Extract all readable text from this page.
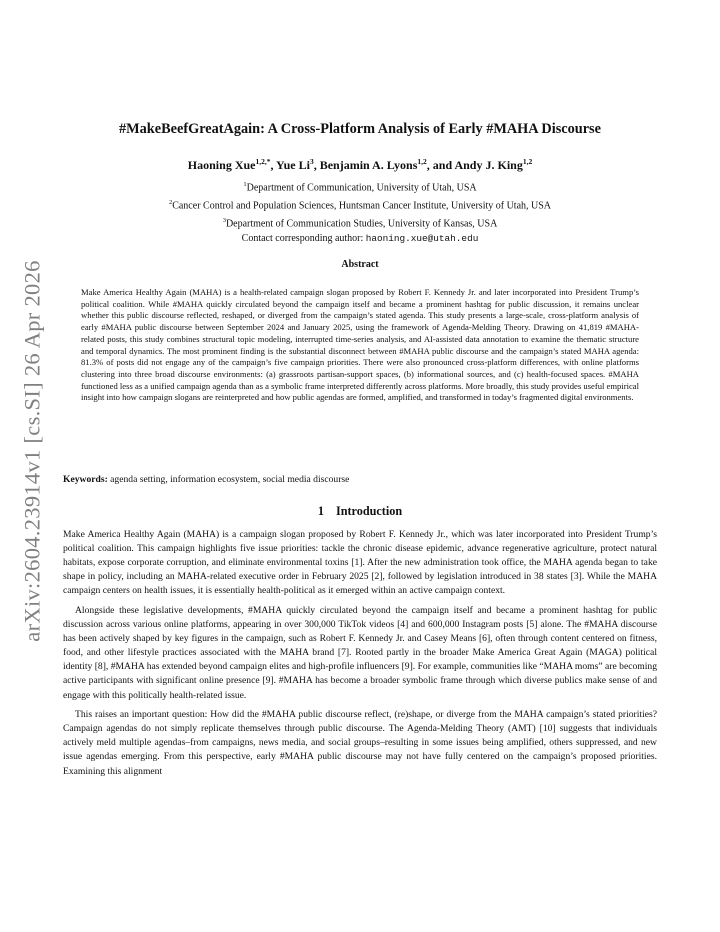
arXiv:2604.23914v1 [cs.SI] 26 Apr 2026
#MakeBeefGreatAgain: A Cross-Platform Analysis of Early #MAHA Discourse
Haoning Xue$^{1,2,*}$, Yue Li$^3$, Benjamin A. Lyons$^{1,2}$, and Andy J. King$^{1,2}$
$^1$Department of Communication, University of Utah, USA
$^2$Cancer Control and Population Sciences, Huntsman Cancer Institute, University of Utah, USA
$^3$Department of Communication Studies, University of Kansas, USA
Contact corresponding author: haoning.xue@utah.edu
Abstract

Make America Healthy Again (MAHA) is a health-related campaign slogan proposed by Robert F. Kennedy Jr. and later incorporated into President Trump’s political coalition. While #MAHA quickly circulated beyond the campaign itself and became a prominent hashtag for public discussion, it remains unclear whether this public discourse reflected, reshaped, or diverged from the campaign’s stated agenda. This study presents a large-scale, cross-platform analysis of early #MAHA public discourse between September 2024 and January 2025, using the framework of Agenda-Melding Theory. Drawing on 41,819 #MAHA-related posts, this study combines structural topic modeling, interrupted time-series analysis, and AI-assisted data annotation to examine the thematic structure and temporal dynamics. The most prominent finding is the substantial disconnect between #MAHA public discourse and the campaign’s stated MAHA agenda: 81.3% of posts did not engage any of the campaign’s five campaign priorities. There were also pronounced cross-platform differences, with online platforms clustering into three broad discourse environments: (a) grassroots partisan-support spaces, (b) informational sources, and (c) health-focused spaces. #MAHA functioned less as a unified campaign agenda than as a symbolic frame interpreted differently across platforms. More broadly, this study provides useful empirical insight into how campaign slogans are reinterpreted and how public agendas are formed, amplified, and transformed in today’s fragmented digital environments.

Keywords: agenda setting, information ecosystem, social media discourse
1 Introduction

Make America Healthy Again (MAHA) is a campaign slogan proposed by Robert F. Kennedy Jr., which was later incorporated into President Trump’s political coalition. This campaign highlights five issue priorities: tackle the chronic disease epidemic, advance regenerative agriculture, protect natural habitats, expose corporate corruption, and eliminate environmental toxins [1]. After the new administration took office, the MAHA agenda began to take shape in policy, including an MAHA-related executive order in February 2025 [2], followed by legislation introduced in 38 states [3]. While the MAHA campaign centers on health issues, it is essentially health-political as it emerged within an active campaign context.

Alongside these legislative developments, #MAHA quickly circulated beyond the campaign itself and became a prominent hashtag for public discussion across various online platforms, appearing in over 300,000 TikTok videos [4] and 600,000 Instagram posts [5] alone. The #MAHA discourse has been actively shaped by key figures in the campaign, such as Robert F. Kennedy Jr. and Casey Means [6], often through content centered on fitness, food, and other lifestyle practices associated with the MAHA brand [7]. Rooted partly in the broader Make America Great Again (MAGA) political identity [8], #MAHA has extended beyond campaign elites and high-profile influencers [9]. For example, communities like “MAHA moms” are becoming active participants with significant online presence [9]. #MAHA has become a broader symbolic frame through which diverse publics make sense of and engage with this politically health-related issue.

This raises an important question: How did the #MAHA public discourse reflect, (re)shape, or diverge from the MAHA campaign’s stated priorities? Campaign agendas do not simply replicate themselves through public discourse. The Agenda-Melding Theory (AMT) [10] suggests that individuals actively meld multiple agendas–from campaigns, news media, and social groups–resulting in some issues being amplified, others suppressed, and new issue agendas emerging. From this perspective, early #MAHA public discourse may not have fully centered on the campaign’s proposed priorities. Examining this alignment
